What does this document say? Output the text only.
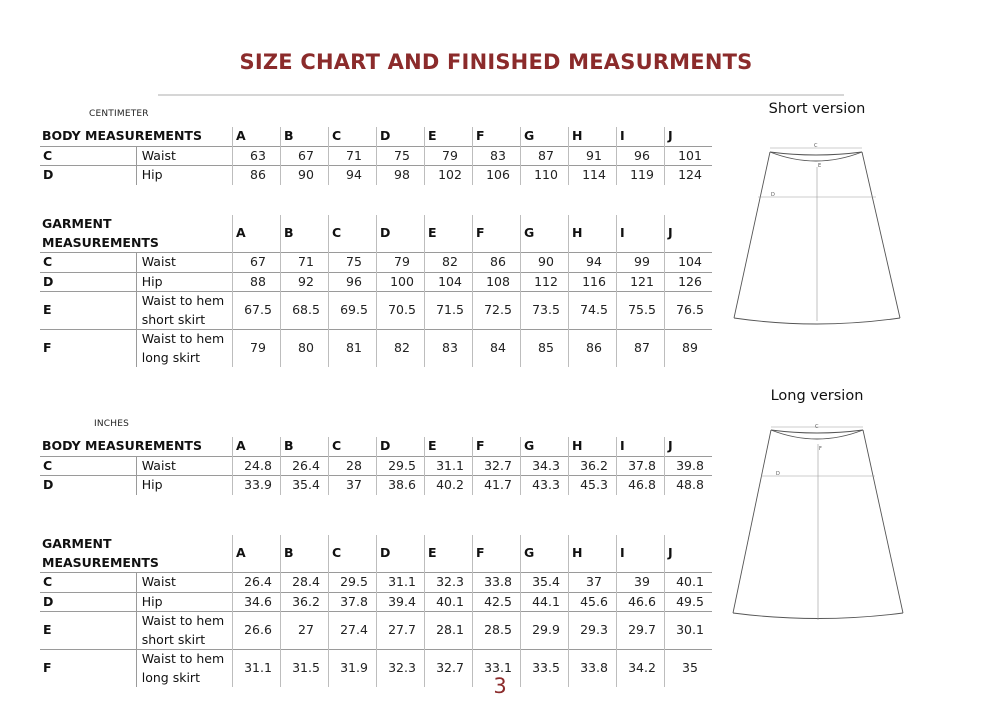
SIZE CHART AND FINISHED MEASURMENTS
CENTIMETER
BODY MEASUREMENTS		A	B	C	D	E	F	G	H	I	J
C	Waist	63	67	71	75	79	83	87	91	96	101
D	Hip	86	90	94	98	102	106	110	114	119	124
GARMENT MEASUREMENTS		A	B	C	D	E	F	G	H	I	J
C	Waist	67	71	75	79	82	86	90	94	99	104
D	Hip	88	92	96	100	104	108	112	116	121	126
E	Waist to hem short skirt	67.5	68.5	69.5	70.5	71.5	72.5	73.5	74.5	75.5	76.5
F	Waist to hem long skirt	79	80	81	82	83	84	85	86	87	89
INCHES
BODY MEASUREMENTS		A	B	C	D	E	F	G	H	I	J
C	Waist	24.8	26.4	28	29.5	31.1	32.7	34.3	36.2	37.8	39.8
D	Hip	33.9	35.4	37	38.6	40.2	41.7	43.3	45.3	46.8	48.8
GARMENT MEASUREMENTS		A	B	C	D	E	F	G	H	I	J
C	Waist	26.4	28.4	29.5	31.1	32.3	33.8	35.4	37	39	40.1
D	Hip	34.6	36.2	37.8	39.4	40.1	42.5	44.1	45.6	46.6	49.5
E	Waist to hem short skirt	26.6	27	27.4	27.7	28.1	28.5	29.9	29.3	29.7	30.1
F	Waist to hem long skirt	31.1	31.5	31.9	32.3	32.7	33.1	33.5	33.8	34.2	35
Short version
C
E
D
Long version
C
F
D
3
